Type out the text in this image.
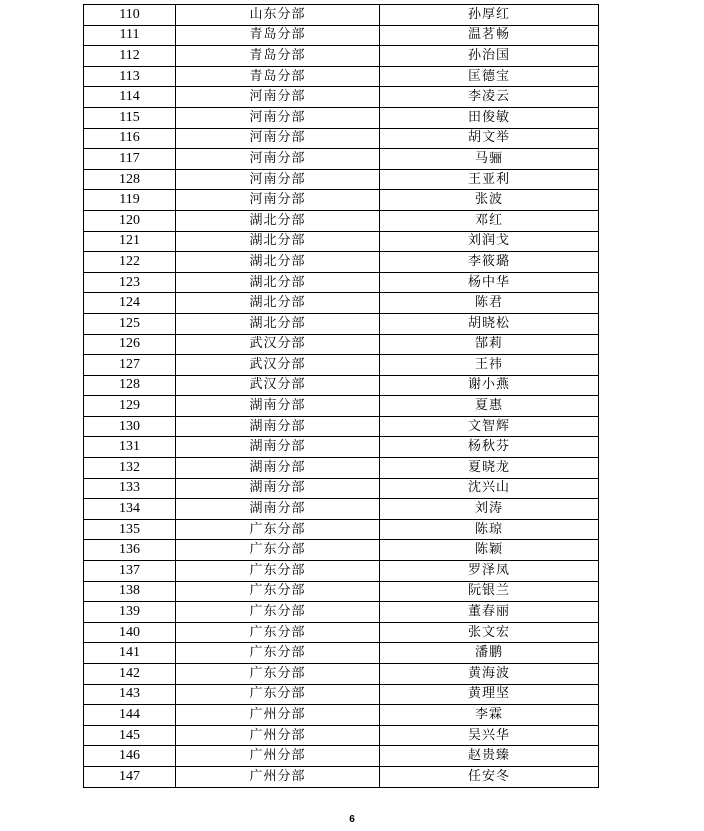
110	山东分部	孙厚红
111	青岛分部	温茗畅
112	青岛分部	孙治国
113	青岛分部	匡德宝
114	河南分部	李凌云
115	河南分部	田俊敏
116	河南分部	胡文举
117	河南分部	马骊
128	河南分部	王亚利
119	河南分部	张波
120	湖北分部	邓红
121	湖北分部	刘润戈
122	湖北分部	李筱璐
123	湖北分部	杨中华
124	湖北分部	陈君
125	湖北分部	胡晓松
126	武汉分部	郜莉
127	武汉分部	王祎
128	武汉分部	谢小燕
129	湖南分部	夏惠
130	湖南分部	文智辉
131	湖南分部	杨秋芬
132	湖南分部	夏晓龙
133	湖南分部	沈兴山
134	湖南分部	刘涛
135	广东分部	陈琼
136	广东分部	陈颖
137	广东分部	罗泽凤
138	广东分部	阮银兰
139	广东分部	董春丽
140	广东分部	张文宏
141	广东分部	潘鹏
142	广东分部	黄海波
143	广东分部	黄理坚
144	广州分部	李霖
145	广州分部	吴兴华
146	广州分部	赵贵臻
147	广州分部	任安冬
6
